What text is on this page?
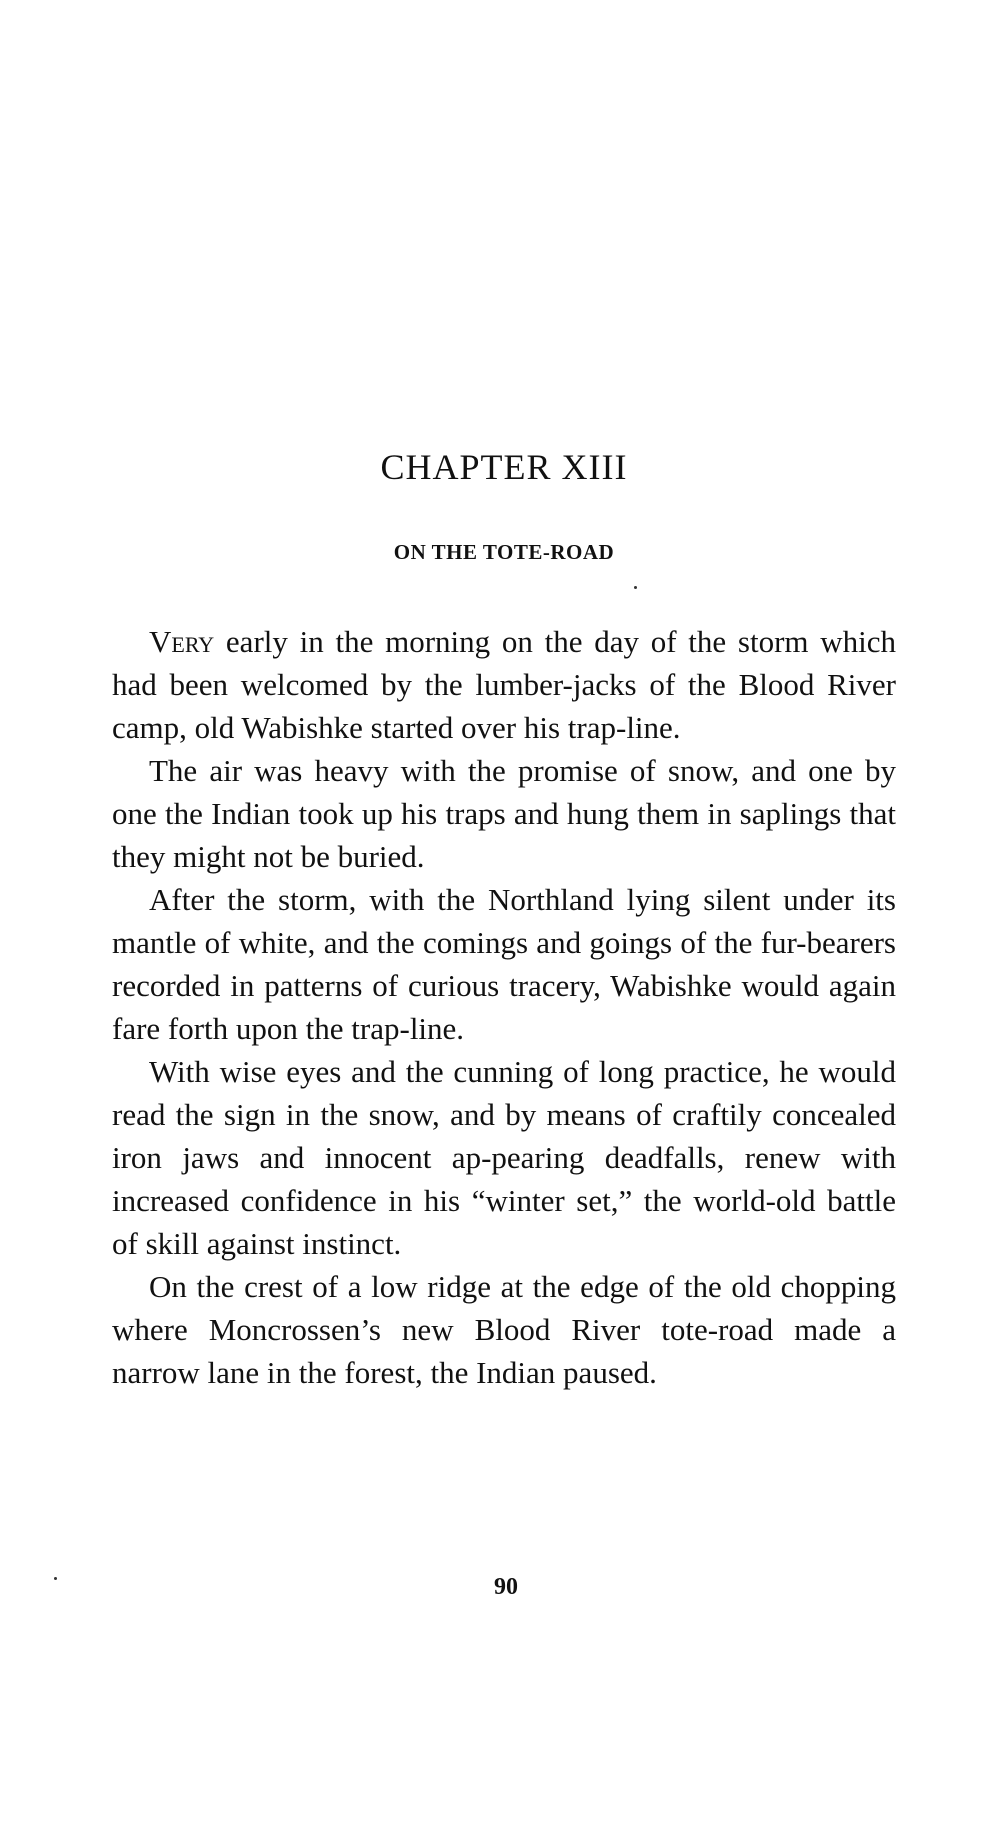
CHAPTER XIII
ON THE TOTE-ROAD

Very early in the morning on the day of the storm which had been welcomed by the lumber-jacks of the Blood River camp, old Wabishke started over his trap-line.

The air was heavy with the promise of snow, and one by one the Indian took up his traps and hung them in saplings that they might not be buried.

After the storm, with the Northland lying silent under its mantle of white, and the comings and goings of the fur-bearers recorded in patterns of curious tracery, Wabishke would again fare forth upon the trap-line.

With wise eyes and the cunning of long practice, he would read the sign in the snow, and by means of craftily concealed iron jaws and innocent ap-pearing deadfalls, renew with increased confidence in his “winter set,” the world-old battle of skill against instinct.

On the crest of a low ridge at the edge of the old chopping where Moncrossen’s new Blood River tote-road made a narrow lane in the forest, the Indian paused.

90
